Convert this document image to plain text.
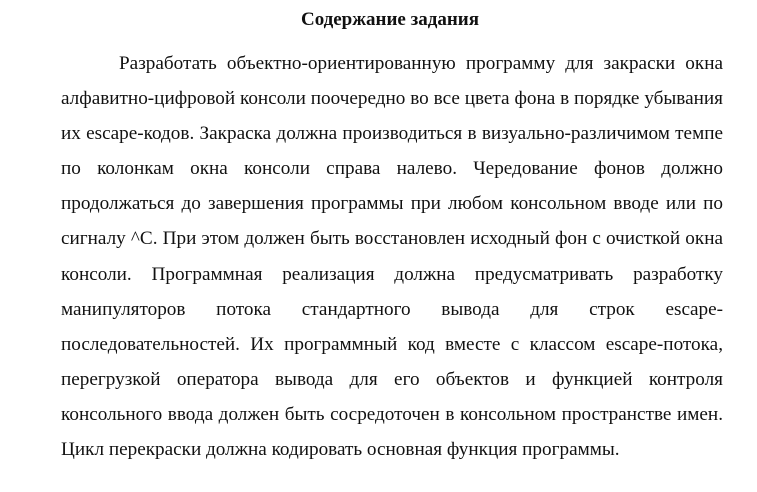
Содержание задания

Разработать объектно-ориентированную программу для закраски окна алфавитно-цифровой консоли поочередно во все цвета фона в порядке убывания их escape-кодов. Закраска должна производиться в визуально-различимом темпе по колонкам окна консоли справа налево. Чередование фонов должно продолжаться до завершения программы при любом консольном вводе или по сигналу ^C. При этом должен быть восстановлен исходный фон с очисткой окна консоли. Программная реализация должна предусматривать разработку манипуляторов потока стандартного вывода для строк escape-последовательностей. Их программный код вместе с классом escape-потока, перегрузкой оператора вывода для его объектов и функцией контроля консольного ввода должен быть сосредоточен в консольном пространстве имен. Цикл перекраски должна кодировать основная функция программы.
